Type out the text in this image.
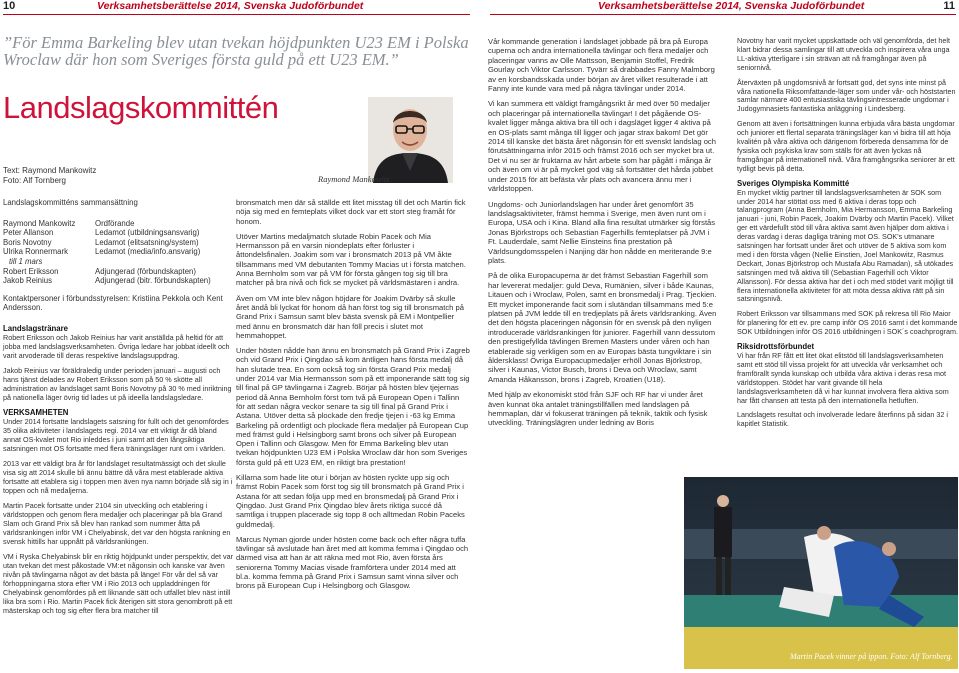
10	Verksamhetsberättelse 2014, Svenska Judoförbundet	Verksamhetsberättelse 2014, Svenska Judoförbundet	11
”För Emma Barkeling blev utan tvekan höjdpunkten U23 EM i Polska Wroclaw där hon som Sveriges första guld på ett U23 EM.”
Landslagskommittén
Text: Raymond Mankowitz
Foto: Alf Tornberg	Raymond Mankowitz.
Landslagskommitténs sammansättning
Raymond Mankowitz	Ordförande
Peter Allanson	Ledamot (utbildningsansvarig)
Boris Novotny	Ledamot (elitsatsning/system)
Ulrika Ronnermark	Ledamot (media/info.ansvarig)
till 1 mars
Robert Eriksson	Adjungerad (förbundskapten)
Jakob Reinius	Adjungerad (bitr. förbundskapten)
Kontaktpersoner i förbundsstyrelsen: Kristiina Pekkola och Kent Andersson.

Landslagstränare
Robert Eriksson och Jakob Reinius har varit anställda på heltid för att jobba med landslagsverksamheten. Övriga ledare har jobbat ideellt och varit arvoderade till deras respektive landslagsuppdrag.

Jakob Reinius var föräldraledig under perioden januari – augusti och hans tjänst delades av Robert Eriksson som på 50 % skötte all administration av landslaget samt Boris Novotny på 30 % med inriktning på nationella läger övrig tid lades ut på ideella landslagsledare.

VERKSAMHETEN
Under 2014 fortsatte landslagets satsning för fullt och det genomfördes 35 olika aktiviteter i landslagets regi. 2014 var ett viktigt år då bland annat OS-kvalet mot Rio inleddes i juni samt att den långsiktiga satsningen mot OS fortsatte med flera träningsläger runt om i världen.

2013 var ett väldigt bra år för landslaget resultatmässigt och det skulle visa sig att 2014 skulle bli ännu bättre då våra mest etablerade aktiva fortsatte att etablera sig i toppen men även nya namn började slå sig in i toppen och nå medaljerna.

Martin Pacek fortsatte under 2104 sin utveckling och etablering i världstoppen och genom flera medaljer och placeringar på bla Grand Slam och Grand Prix så blev han rankad som nummer åtta på världsrankingen inför VM i Chelyabinsk, det var den högsta rankning en svensk hittills har uppnått på världsrankingen.

VM i Ryska Chelyabinsk blir en riktig höjdpunkt under perspektiv, det var utan tvekan det mest påkostade VM:et någonsin och kanske var även nivån på tävlingarna något av det bästa på länge! För vår del så var förhoppningarna stora efter VM i Rio 2013 och uppladdningen för Chelyabinsk genomfördes på ett liknande sätt och utfallet blev näst intill lika bra som i Rio. Martin Pacek fick återigen sitt stora genombrott på ett mästerskap och tog sig efter flera bra matcher till

bronsmatch men där så ställde ett litet misstag till det och Martin fick nöja sig med en femteplats vilket dock var ett stort steg framåt för honom.

Utöver Martins medaljmatch slutade Robin Pacek och Mia Hermansson på en varsin niondeplats efter förluster i åttondelsfinalen. Joakim som var i bronsmatch 2013 på VM åkte tillsammans med VM debutanten Tommy Macias ut i första matchen. Anna Bernholm som var på VM för första gången tog sig till bra matcher på bra nivå och fick se mycket på världsmästaren i andra.

Även om VM inte blev någon höjdare för Joakim Dvärby så skulle året ändå bli lyckat för honom då han först tog sig till bronsmatch på Grand Prix i Samsun samt blev bästa svensk på EM i Montpellier med ännu en bronsmatch där han föll precis i slutet mot hemmahoppet.

Under hösten nådde han ännu en bronsmatch på Grand Prix i Zagreb och vid Grand Prix i Qingdao så kom äntligen hans första medalj då han slutade trea. En som också tog sin första Grand Prix medalj under 2014 var Mia Hermansson som på ett imponerande sätt tog sig till final på GP tävlingarna i Zagreb. Börjar på hösten blev tjejernas period då Anna Bernholm först tom två på European Open i Tallinn för att sedan några veckor senare ta sig till final på Grand Prix i Astana. Utöver detta så plockade den fredje tjejen i -63 kg Emma Barkeling på ordentligt och plockade flera medaljer på European Cup med främst guld i Helsingborg samt brons och silver på European Open i Tallinn och Glasgow. Men för Emma Barkeling blev utan tvekan höjdpunkten U23 EM i Polska Wroclaw där hon som Sveriges första guld på ett U23 EM, en riktigt bra prestation!

Killarna som hade lite otur i början av hösten ryckte upp sig och främst Robin Pacek som först tog sig till bronsmatch på Grand Prix i Astana för att sedan följa upp med en bronsmedalj på Grand Prix i Qingdao. Just Grand Prix Qingdao blev årets riktiga succé då samtliga i truppen placerade sig topp 8 och alltmedan Robin Paceks guldmedalj.

Marcus Nyman gjorde under hösten come back och efter några tuffa tävlingar så avslutade han året med att komma femma i Qingdao och därmed visa att han är att räkna med mot Rio, även första års seniorerna Tommy Macias visade framförtera under 2014 med att bl.a. komma femma på Grand Prix i Samsun samt vinna silver och brons på European Cup i Helsingborg och Glasgow.

Vår kommande generation i landslaget jobbade på bra på Europa cuperna och andra internationella tävlingar och flera medaljer och placeringar vanns av Olle Mattsson, Benjamin Stoffel, Fredrik Gourlay och Viktor Carlsson. Tyvärr så drabbades Fanny Malmborg av en korsbandsskada under början av året vilket resulterade i att Fanny inte kunde vara med på några tävlingar under 2014.

Vi kan summera ett väldigt framgångsrikt år med över 50 medaljer och placeringar på internationella tävlingar! I det pågående OS-kvalet ligger många aktiva bra till och i dagsläget ligger 4 aktiva på en OS-plats samt många till ligger och jagar strax bakom! Det gör 2014 till kanske det bästa året någonsin för ett svenskt landslag och förutsättningarna inför 2015 och främst 2016 och ser mycket bra ut. Det vi nu ser är fruktarna av hårt arbete som har pågått i många år och även om vi är på mycket god väg så fortsätter det hårda jobbet under 2015 för att befästa vår plats och avancera ännu mer i världstoppen.

Ungdoms- och Juniorlandslagen har under året genomfört 35 landslagsaktiviteter, främst hemma i Sverige, men även runt om i Europa, USA och i Kina. Bland alla fina resultat utmärker sig förstås Jonas Björkstrops och Sebastian Fagerhills femteplatser på JVM i Ft. Lauderdale, samt Nellie Einsteins fina prestation på Världsungdomsspelen i Nanjing där hon nådde en meriterande 9:e plats.

På de olika Europacuperna är det främst Sebastian Fagerhill som har levererat medaljer: guld Deva, Rumänien, silver i både Kaunas, Litauen och i Wroclaw, Polen, samt en bronsmedalj i Prag. Tjeckien. Ett mycket imponerande facit som i slutändan tillsammans med 5:e platsen på JVM ledde till en tredjeplats på årets världsranking. Även det den högsta placeringen någonsin för en svensk på den nyligen introducerade världsrankingen för juniorer. Fagerhill vann dessutom den prestigefyllda tävlingen Bremen Masters under våren och han etablerade sig verkligen som en av Europas bästa tungviktare i sin åldersklass! Övriga Europacupmedaljer erhöll Jonas Björkstrop, silver i Kaunas, Victor Busch, brons i Deva och Wroclaw, samt Amanda Håkansson, brons i Zagreb, Kroatien (U18).

Med hjälp av ekonomiskt stöd från SJF och RF har vi under året även kunnat öka antalet träningstillfällen med landslagen på hemmaplan, där vi fokuserat träningen på teknik, taktik och fysisk utveckling. Träningslägren under ledning av Boris

Novotny har varit mycket uppskattade och väl genomförda, det helt klart bidrar dessa samlingar till att utveckla och inspirera våra unga LL-aktiva ytterligare i sin strävan att nå framgångar även på seniornivå.

Återväxten på ungdomsnivå är fortsatt god, det syns inte minst på våra nationella Riksomfattande-läger som under vår- och höststarten samlar närmare 400 entusiastiska tävlingsintresserade ungdomar i Judogymnasiets fantastiska anläggning i Lindesberg.

Genom att även i fortsättningen kunna erbjuda våra bästa ungdomar och juniorer ett flertal separata träningsläger kan vi bidra till att höja kvalitén på våra aktiva och därigenom förbereda densamma för de fysiska och psykiska krav som ställs för att även lyckas nå framgångar på internationell nivå. Våra framgångsrika seniorer är ett tydligt bevis på detta.

Sveriges Olympiska Kommitté
En mycket viktig partner till landslagsverksamheten är SOK som under 2014 har stöttat oss med 6 aktiva i deras topp och talangprogram (Anna Bernholm, Mia Hermansson, Emma Barkeling januari - juni, Robin Pacek, Joakim Dvärby och Martin Pacek). Vilket ger ett värdefullt stöd till våra aktiva samt även hjälper dom aktiva i deras vardag i deras dagliga träning mot OS. SOK's utmanare satsningen har fortsatt under året och utöver de 5 aktiva som kom med i den första vågen (Nellie Einstien, Joel Mankowitz, Rasmus Deckart, Jonas Björkstrop och Mustafa Abu Ramadan), så utökades satsningen med två aktiva till (Sebastian Fagerhill och Viktor Allansson). För dessa aktiva har det i och med stödet varit möjligt till flera internationella aktiviteter för att möta dessa aktiva rätt på sin satsningsnivå.

Robert Eriksson var tillsammans med SOK på rekresa till Rio Maior för planering för ett ev. pre camp inför OS 2016 samt i det kommande SOK Utbildningen inför OS 2016 utbildningen i SOK´s coachprogram.

Riksidrottsförbundet
Vi har från RF fått ett litet ökat elitstöd till landslagsverksamheten samt ett stöd till vissa projekt för att utveckla vår verksamhet och framförallt synda kunskap och utbilda våra aktiva i deras resa mot världstoppen. Stödet har varit givande till hela landslagsverksamheten då vi har kunnat involvera flera aktiva som har fått chansen att testa på den internationella hetluften.

Landslagets resultat och involverade ledare återfinns på sidan 32 i kapitlet Statistik.

Martin Pacek vinner på ippon. Foto: Alf Tornberg.
